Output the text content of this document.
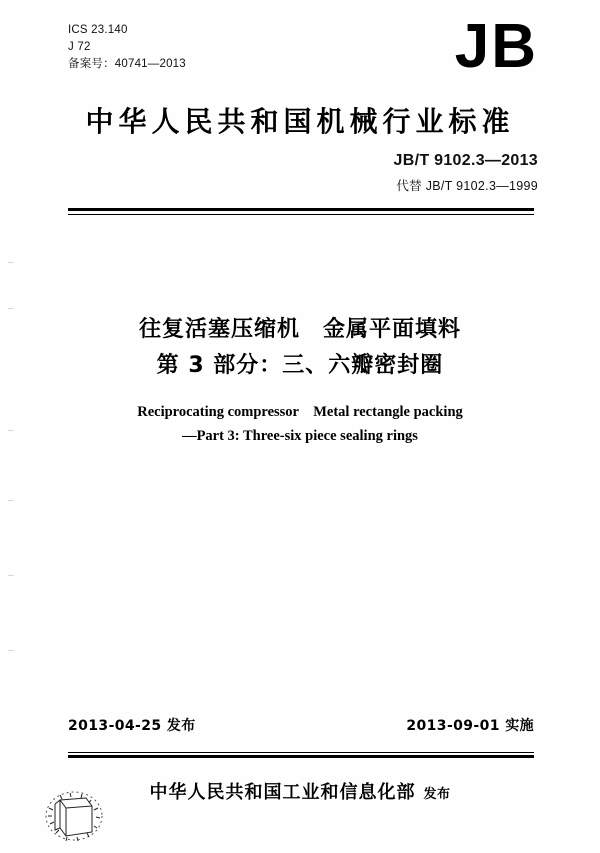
ICS 23.140
J 72
备案号：40741—2013	JB
中华人民共和国机械行业标准
JB/T 9102.3—2013
代替 JB/T 9102.3—1999
往复活塞压缩机　金属平面填料
第 3 部分：三、六瓣密封圈
Reciprocating compressor　Metal rectangle packing
—Part 3: Three-six piece sealing rings
2013-04-25 发布	2013-09-01 实施
中华人民共和国工业和信息化部 发布
